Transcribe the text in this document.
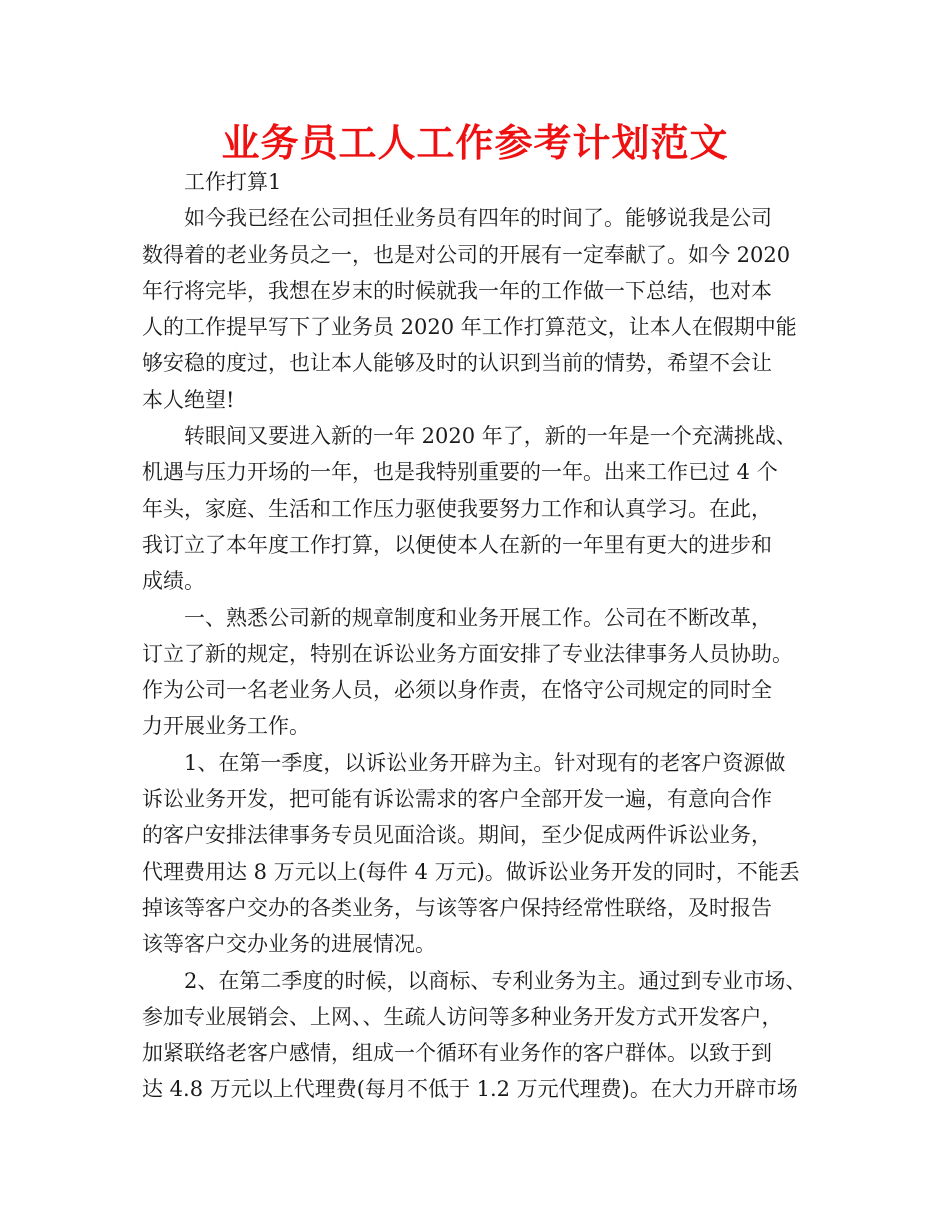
业务员工人工作参考计划范文
工作打算1
如今我已经在公司担任业务员有四年的时间了。能够说我是公司
数得着的老业务员之一，也是对公司的开展有一定奉献了。如今 2020
年行将完毕，我想在岁末的时候就我一年的工作做一下总结，也对本
人的工作提早写下了业务员 2020 年工作打算范文，让本人在假期中能
够安稳的度过，也让本人能够及时的认识到当前的情势，希望不会让
本人绝望!
转眼间又要进入新的一年 2020 年了，新的一年是一个充满挑战、
机遇与压力开场的一年，也是我特别重要的一年。出来工作已过 4 个
年头，家庭、生活和工作压力驱使我要努力工作和认真学习。在此，
我订立了本年度工作打算，以便使本人在新的一年里有更大的进步和
成绩。
一、熟悉公司新的规章制度和业务开展工作。公司在不断改革，
订立了新的规定，特别在诉讼业务方面安排了专业法律事务人员协助。
作为公司一名老业务人员，必须以身作责，在恪守公司规定的同时全
力开展业务工作。
1、在第一季度，以诉讼业务开辟为主。针对现有的老客户资源做
诉讼业务开发，把可能有诉讼需求的客户全部开发一遍，有意向合作
的客户安排法律事务专员见面洽谈。期间，至少促成两件诉讼业务，
代理费用达 8 万元以上(每件 4 万元)。做诉讼业务开发的同时，不能丢
掉该等客户交办的各类业务，与该等客户保持经常性联络，及时报告
该等客户交办业务的进展情况。
2、在第二季度的时候，以商标、专利业务为主。通过到专业市场、
参加专业展销会、上网、、生疏人访问等多种业务开发方式开发客户，
加紧联络老客户感情，组成一个循环有业务作的客户群体。以致于到
达 4.8 万元以上代理费(每月不低于 1.2 万元代理费)。在大力开辟市场
